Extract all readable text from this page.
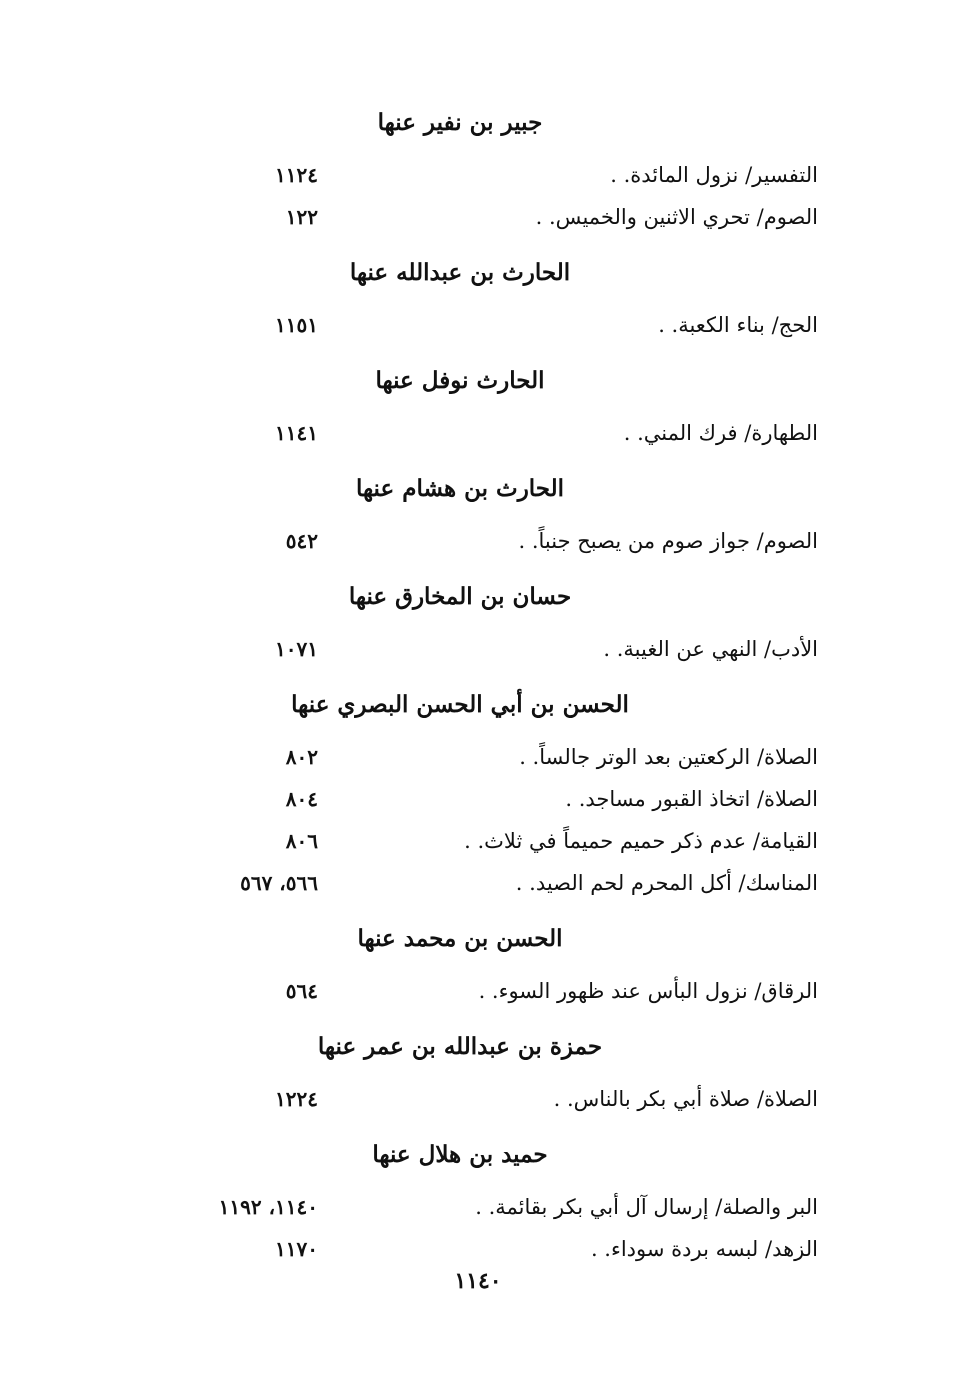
جبير بن نفير عنها
التفسير/ نزول المائدة. .
١١٢٤
الصوم/ تحري الاثنين والخميس. .
١٢٢
الحارث بن عبدالله عنها
الحج/ بناء الكعبة. .
١١٥١
الحارث نوفل عنها
الطهارة/ فرك المني. .
١١٤١
الحارث بن هشام عنها
الصوم/ جواز صوم من يصبح جنباً. .
٥٤٢
حسان بن المخارق عنها
الأدب/ النهي عن الغيبة. .
١٠٧١
الحسن بن أبي الحسن البصري عنها
الصلاة/ الركعتين بعد الوتر جالساً. .
٨٠٢
الصلاة/ اتخاذ القبور مساجد. .
٨٠٤
القيامة/ عدم ذكر حميم حميماً في ثلاث. .
٨٠٦
المناسك/ أكل المحرم لحم الصيد. .
٥٦٦، ٥٦٧
الحسن بن محمد عنها
الرقاق/ نزول البأس عند ظهور السوء. .
٥٦٤
حمزة بن عبدالله بن عمر عنها
الصلاة/ صلاة أبي بكر بالناس. .
١٢٢٤
حميد بن هلال عنها
البر والصلة/ إرسال آل أبي بكر بقائمة. .
١١٤٠، ١١٩٢
الزهد/ لبسه بردة سوداء. .
١١٧٠
١١٤٠
